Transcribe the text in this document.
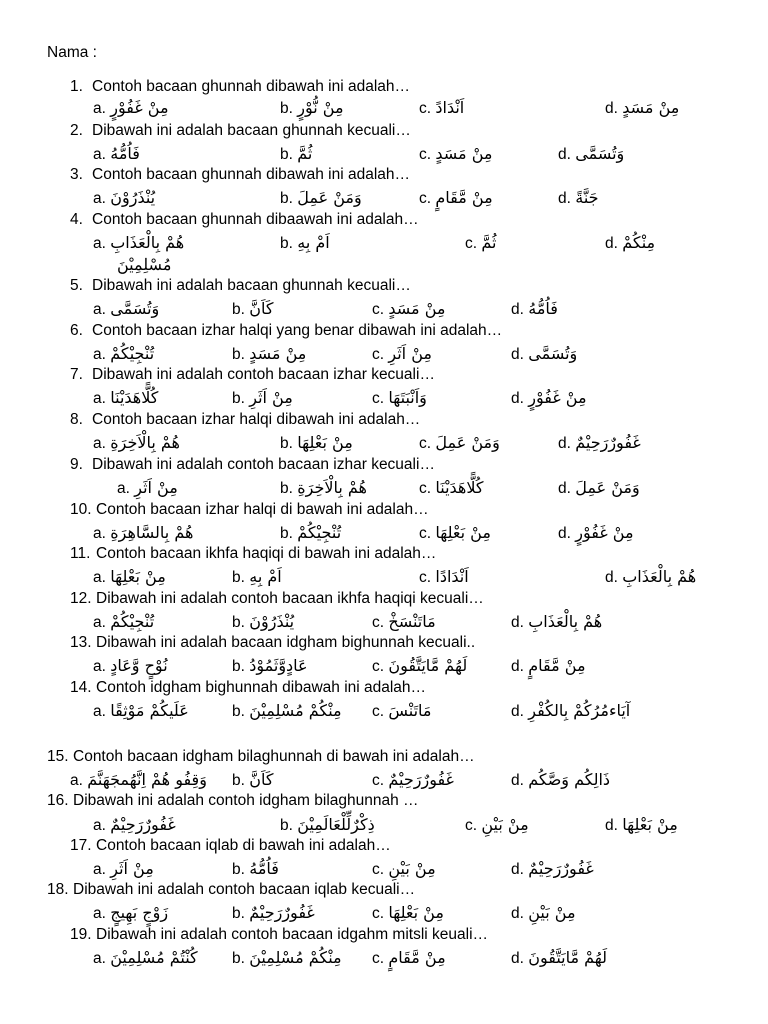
Nama :
1.Contoh bacaan ghunnah dibawah ini adalah…
a. مِنْ غَفُوْرٍ	b. مِنْ نُّوْرٍ	c. اَنْدَادً	d. مِنْ مَسَدٍ
2.Dibawah ini adalah bacaan ghunnah kecuali…
a. فَاُمُّهُ	b. ثُمَّ	c. مِنْ مَسَدٍ	d. وَتُسَمَّى
3.Contoh bacaan ghunnah dibawah ini adalah…
a. يُنْذَرُوْنَ	b. وَمَنْ عَمِلَ	c. مِنْ مَّقَامٍ	d. جَنَّةً
4.Contoh bacaan ghunnah dibaawah ini adalah…
a. هُمْ بِالْعَذَابِ	b. اَمْ بِهِ	c. ثُمَّ	d. مِنْكُمْ
مُسْلِمِيْنَ
5.Dibawah ini adalah bacaan ghunnah kecuali…
a. وَتُسَمَّى	b. كَاَنَّ	c. مِنْ مَسَدٍ	d. فَاُمُّهُ
6.Contoh bacaan izhar halqi yang benar dibawah ini adalah…
a. تُنْجِيْكُمْ	b. مِنْ مَسَدٍ	c. مِنْ اَثَرِ	d. وَتُسَمَّى
7.Dibawah ini adalah contoh bacaan izhar kecuali…
a. كُلًّاهَدَيْنَا	b. مِنْ اَثَرِ	c. وَاَنْبَتَهَا	d. مِنْ غَفُوْرٍ
8.Contoh bacaan izhar halqi dibawah ini adalah…
a. هُمْ بِالْاَخِرَةِ	b. مِنْ بَعْلِهَا	c. وَمَنْ عَمِلَ	d. غَفُورٌرَحِيْمٌ
9.Dibawah ini adalah contoh bacaan izhar kecuali…
a. مِنْ اَثَرِ	b. هُمْ بِالْاَخِرَةِ	c. كُلًّاهَدَيْنَا	d. وَمَنْ عَمِلَ
10.Contoh bacaan izhar halqi di bawah ini adalah…
a. هُمْ بِالسَّاهِرَةِ	b. تُنْجِيْكُمْ	c. مِنْ بَعْلِهَا	d. مِنْ غَفُوْرٍ
11.Contoh bacaan ikhfa haqiqi di bawah ini adalah…
a. مِنْ بَعْلِهَا	b. اَمْ بِهِ	c. اَنْدَادًا	d. هُمْ بِالْعَذَابِ
12.Dibawah ini adalah contoh bacaan ikhfa haqiqi kecuali…
a. تُنْجِيْكُمْ	b. يُنْذَرُوْنَ	c. مَاتَنْسَخْ	d. هُمْ بِالْعَذَابِ
13.Dibawah ini adalah bacaan idgham bighunnah kecuali..
a. نُوْحٍ وَّعَادٍ	b. عَادٍوَّثَمُوْدُ	c. لَهُمْ مَّايَتَّقُونَ	d. مِنْ مَّقَامٍ
14.Contoh idgham bighunnah dibawah ini adalah…
a. عَلَيكُمْ مَوْثِقًا	b. مِنْكُمْ مُسْلِمِيْنَ c. مَاتَنْسَ	d. آيَاءمُرُكُمْ بِالكُفْرِ
15.Contoh bacaan idgham bilaghunnah di bawah ini adalah…
a. وَقِفُو هُمْ اِنَّهُمجَهَنَّمَ b. كَاَنَّ	c. غَفُورٌرَحِيْمٌ	d. ذَالِكُم وَصَّكُم
16.Dibawah ini adalah contoh idgham bilaghunnah …
a. غَفُورٌرَحِيْمٌ	b. ذِكْرٌلِّلْعَالَمِيْنَ	c. مِنْ بَيْنِ	d. مِنْ بَعْلِهَا
17.Contoh bacaan iqlab di bawah ini adalah…
a. مِنْ اَثَرِ	b. فَاُمُّهُ	c. مِنْ بَيْنِ	d. غَفُورٌرَحِيْمٌ
18.Dibawah ini adalah contoh bacaan iqlab kecuali…
a. زَوْجٍ بَهِيجٍ	b. غَفُورٌرَحِيْمٌ	c. مِنْ بَعْلِهَا	d. مِنْ بَيْنِ
19.Dibawah ini adalah contoh bacaan idgahm mitsli keuali…
a. كُنْتُمْ مُسْلِمِيْنَ b. مِنْكُمْ مُسْلِمِيْنَ c. مِنْ مَّقَامٍ	d. لَهُمْ مَّايَتَّقُونَ
